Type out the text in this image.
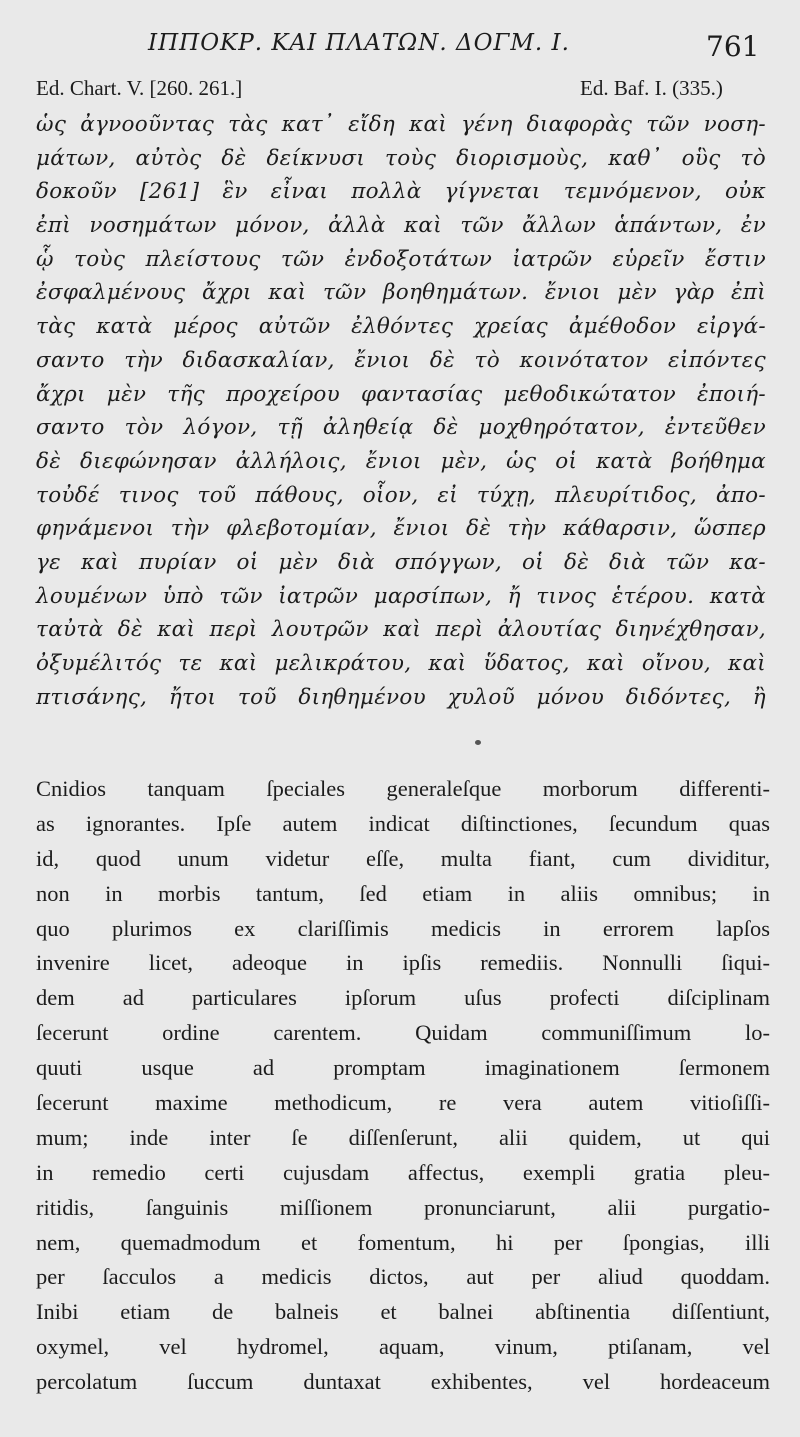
ΙΠΠΟΚΡ. ΚΑΙ ΠΛΑΤΩΝ. ΔΟΓΜ. Ι.	761
Ed. Chart. V. [260. 261.]	Ed. Baf. I. (335.)
ὡς ἀγνοοῦντας τὰς κατ᾽ εἴδη καὶ γένη διαφορὰς τῶν νοση-
μάτων, αὐτὸς δὲ δείκνυσι τοὺς διορισμοὺς, καθ᾽ οὓς τὸ
δοκοῦν [261] ἓν εἶναι πολλὰ γίγνεται τεμνόμενον, οὐκ
ἐπὶ νοσημάτων μόνον, ἀλλὰ καὶ τῶν ἄλλων ἁπάντων, ἐν
ᾧ τοὺς πλείστους τῶν ἐνδοξοτάτων ἰατρῶν εὑρεῖν ἔστιν
ἐσφαλμένους ἄχρι καὶ τῶν βοηθημάτων. ἔνιοι μὲν γὰρ ἐπὶ
τὰς κατὰ μέρος αὐτῶν ἐλθόντες χρείας ἀμέθοδον εἰργά-
σαντο τὴν διδασκαλίαν, ἔνιοι δὲ τὸ κοινότατον εἰπόντες
ἄχρι μὲν τῆς προχείρου φαντασίας μεθοδικώτατον ἐποιή-
σαντο τὸν λόγον, τῇ ἀληθείᾳ δὲ μοχθηρότατον, ἐντεῦθεν
δὲ διεφώνησαν ἀλλήλοις, ἔνιοι μὲν, ὡς οἱ κατὰ βοήθημα
τοὐδέ τινος τοῦ πάθους, οἷον, εἰ τύχῃ, πλευρίτιδος, ἀπο-
φηνάμενοι τὴν φλεβοτομίαν, ἔνιοι δὲ τὴν κάθαρσιν, ὥσπερ
γε καὶ πυρίαν οἱ μὲν διὰ σπόγγων, οἱ δὲ διὰ τῶν κα-
λουμένων ὑπὸ τῶν ἰατρῶν μαρσίπων, ἤ τινος ἑτέρου. κατὰ
ταὐτὰ δὲ καὶ περὶ λουτρῶν καὶ περὶ ἀλουτίας διηνέχθησαν,
ὀξυμέλιτός τε καὶ μελικράτου, καὶ ὕδατος, καὶ οἴνου, καὶ
πτισάνης, ἤτοι τοῦ διηθημένου χυλοῦ μόνου διδόντες, ἢ
Cnidios tanquam ſpeciales generaleſque morborum differenti-
as ignorantes. Ipſe autem indicat diſtinctiones, ſecundum quas
id, quod unum videtur eſſe, multa fiant, cum dividitur,
non in morbis tantum, ſed etiam in aliis omnibus; in
quo plurimos ex clariſſimis medicis in errorem lapſos
invenire licet, adeoque in ipſis remediis. Nonnulli ſiqui-
dem ad particulares ipſorum uſus profecti diſciplinam
ſecerunt ordine carentem. Quidam communiſſimum lo-
quuti usque ad promptam imaginationem ſermonem
ſecerunt maxime methodicum, re vera autem vitioſiſſi-
mum; inde inter ſe diſſenſerunt, alii quidem, ut qui
in remedio certi cujusdam affectus, exempli gratia pleu-
ritidis, ſanguinis miſſionem pronunciarunt, alii purgatio-
nem, quemadmodum et fomentum, hi per ſpongias, illi
per ſacculos a medicis dictos, aut per aliud quoddam.
Inibi etiam de balneis et balnei abſtinentia diſſentiunt,
oxymel, vel hydromel, aquam, vinum, ptiſanam, vel
percolatum ſuccum duntaxat exhibentes, vel hordeaceum
